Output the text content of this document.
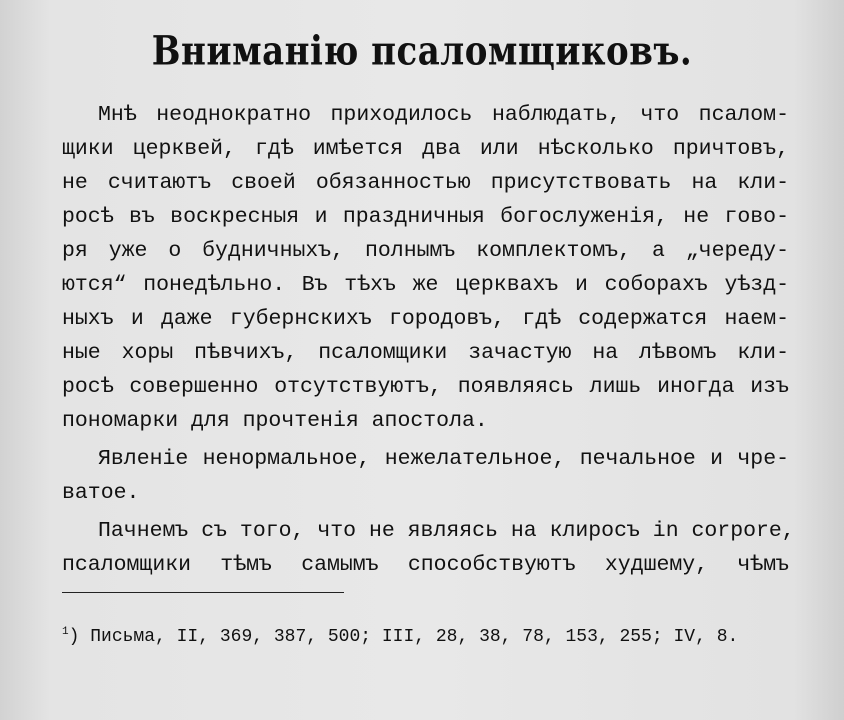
Вниманію псаломщиковъ.
Мнѣ неоднократно приходилось наблюдать, что псалом-
щики церквей, гдѣ имѣется два или нѣсколько причтовъ,
не считаютъ своей обязанностью присутствовать на кли-
росѣ въ воскресныя и праздничныя богослуженія, не гово-
ря уже о будничныхъ, полнымъ комплектомъ, а „череду-
ются“ понедѣльно. Въ тѣхъ же церквахъ и соборахъ уѣзд-
ныхъ и даже губернскихъ городовъ, гдѣ содержатся наем-
ные хоры пѣвчихъ, псаломщики зачастую на лѣвомъ кли-
росѣ совершенно отсутствуютъ, появляясь лишь иногда изъ
пономарки для прочтенія апостола.
Явленіе ненормальное, нежелательное, печальное и чре-
ватое.
Пачнемъ съ того, что не являясь на клиросъ in corpore,
псаломщики тѣмъ самымъ способствуютъ худшему, чѣмъ
$^1$) Письма, II, 369, 387, 500; III, 28, 38, 78, 153, 255; IV, 8.
